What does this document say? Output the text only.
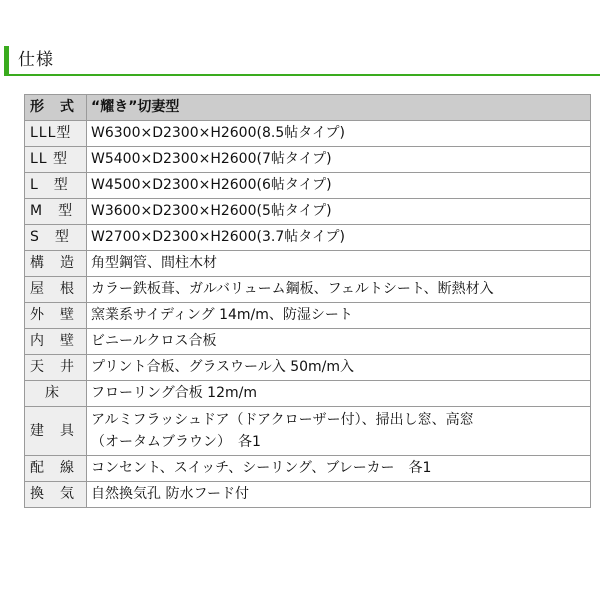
仕様
形　式	“耀き”切妻型
LLL型	W6300×D2300×H2600(8.5帖タイプ)
LL 型	W5400×D2300×H2600(7帖タイプ)
L　型	W4500×D2300×H2600(6帖タイプ)
M　型	W3600×D2300×H2600(5帖タイプ)
S　型	W2700×D2300×H2600(3.7帖タイプ)
構　造	角型鋼管、間柱木材
屋　根	カラー鉄板葺、ガルバリューム鋼板、フェルトシート、断熱材入
外　壁	窯業系サイディング 14m/m、防湿シート
内　壁	ビニールクロス合板
天　井	プリント合板、グラスウール入 50m/m入
床	フローリング合板 12m/m
建　具	アルミフラッシュドア（ドアクローザー付）、掃出し窓、高窓
（オータムブラウン）　各1

配　線	コンセント、スイッチ、シーリング、ブレーカー　各1
換　気	自然換気孔 防水フード付
